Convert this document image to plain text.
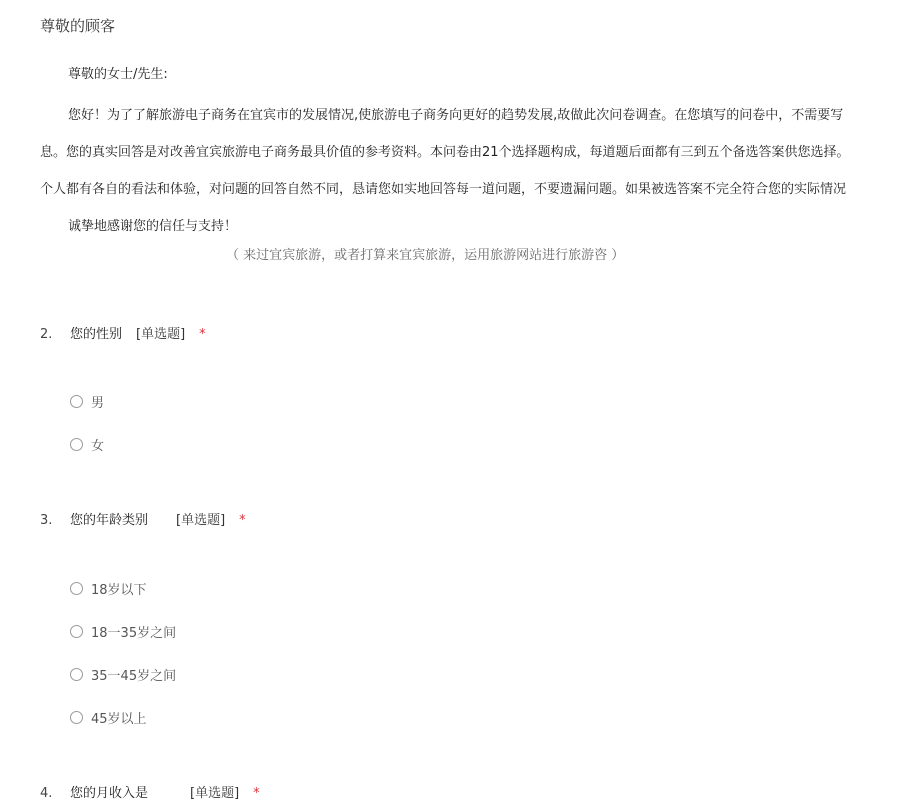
尊敬的顾客
尊敬的女士/先生:
您好！为了了解旅游电子商务在宜宾市的发展情况,使旅游电子商务向更好的趋势发展,故做此次问卷调查。在您填写的问卷中，不需要写
息。您的真实回答是对改善宜宾旅游电子商务最具价值的参考资料。本问卷由21个选择题构成，每道题后面都有三到五个备选答案供您选择。
个人都有各自的看法和体验，对问题的回答自然不同，恳请您如实地回答每一道问题，不要遗漏问题。如果被选答案不完全符合您的实际情况
诚挚地感谢您的信任与支持！
（ 来过宜宾旅游，或者打算来宜宾旅游，运用旅游网站进行旅游咨 ）
2. 您的性别 [单选题] *
男
女
3. 您的年龄类别 [单选题] *
18岁以下
18一35岁之间
35一45岁之间
45岁以上
4. 您的月收入是	[单选题] *
